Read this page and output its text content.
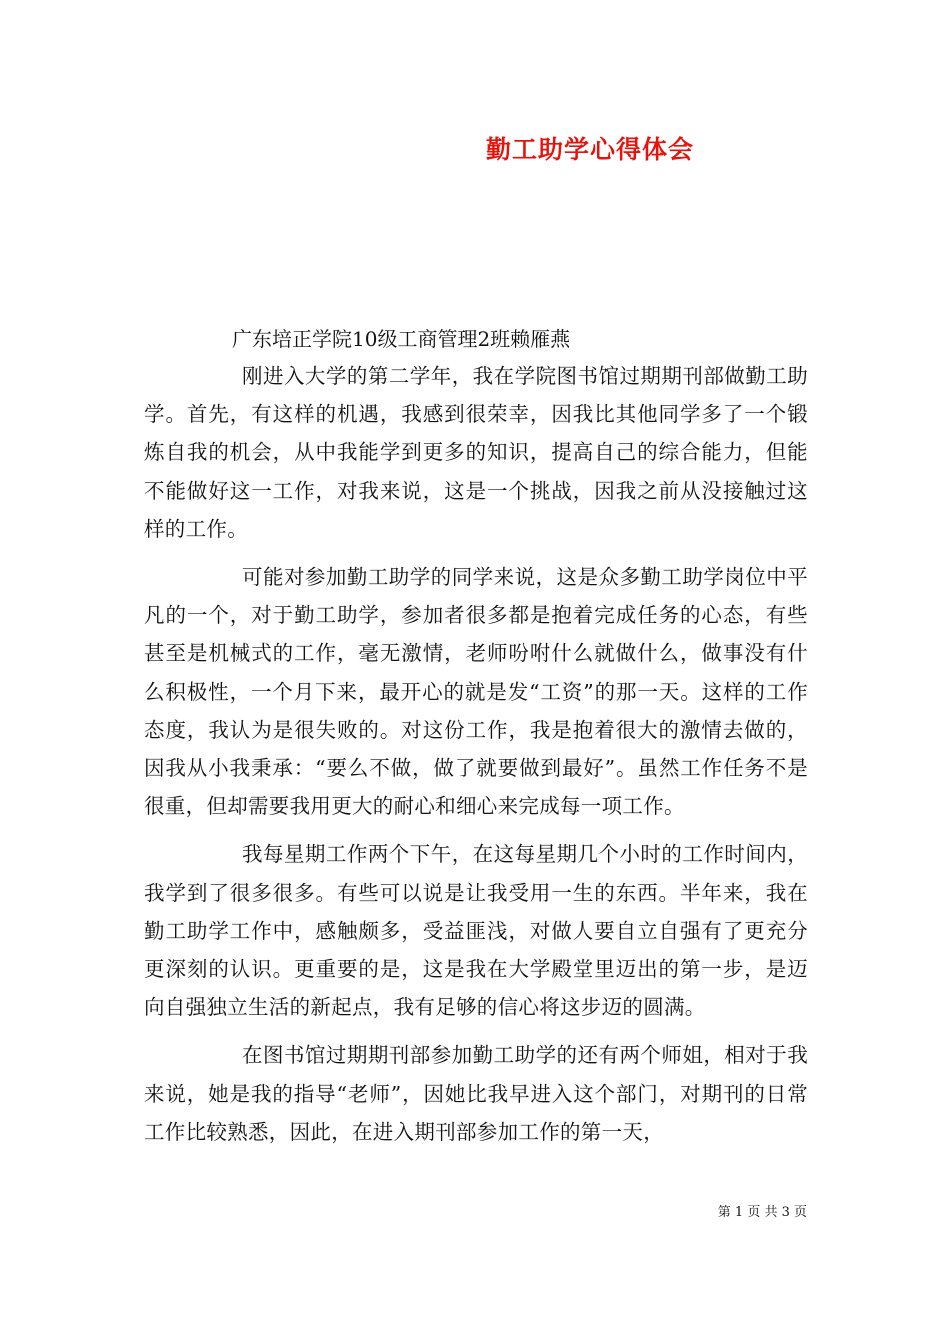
勤工助学心得体会
广东培正学院10级工商管理2班赖雁燕

刚进入大学的第二学年，我在学院图书馆过期期刊部做勤工助学。首先，有这样的机遇，我感到很荣幸，因我比其他同学多了一个锻炼自我的机会，从中我能学到更多的知识，提高自己的综合能力，但能不能做好这一工作，对我来说，这是一个挑战，因我之前从没接触过这样的工作。

可能对参加勤工助学的同学来说，这是众多勤工助学岗位中平凡的一个，对于勤工助学，参加者很多都是抱着完成任务的心态，有些甚至是机械式的工作，毫无激情，老师吩咐什么就做什么，做事没有什么积极性，一个月下来，最开心的就是发“工资”的那一天。这样的工作态度，我认为是很失败的。对这份工作，我是抱着很大的激情去做的，因我从小我秉承：“要么不做，做了就要做到最好”。虽然工作任务不是很重，但却需要我用更大的耐心和细心来完成每一项工作。

我每星期工作两个下午，在这每星期几个小时的工作时间内，我学到了很多很多。有些可以说是让我受用一生的东西。半年来，我在勤工助学工作中，感触颇多，受益匪浅，对做人要自立自强有了更充分更深刻的认识。更重要的是，这是我在大学殿堂里迈出的第一步，是迈向自强独立生活的新起点，我有足够的信心将这步迈的圆满。

在图书馆过期期刊部参加勤工助学的还有两个师姐，相对于我来说，她是我的指导“老师”，因她比我早进入这个部门，对期刊的日常工作比较熟悉，因此，在进入期刊部参加工作的第一天，

第 1 页 共 3 页
